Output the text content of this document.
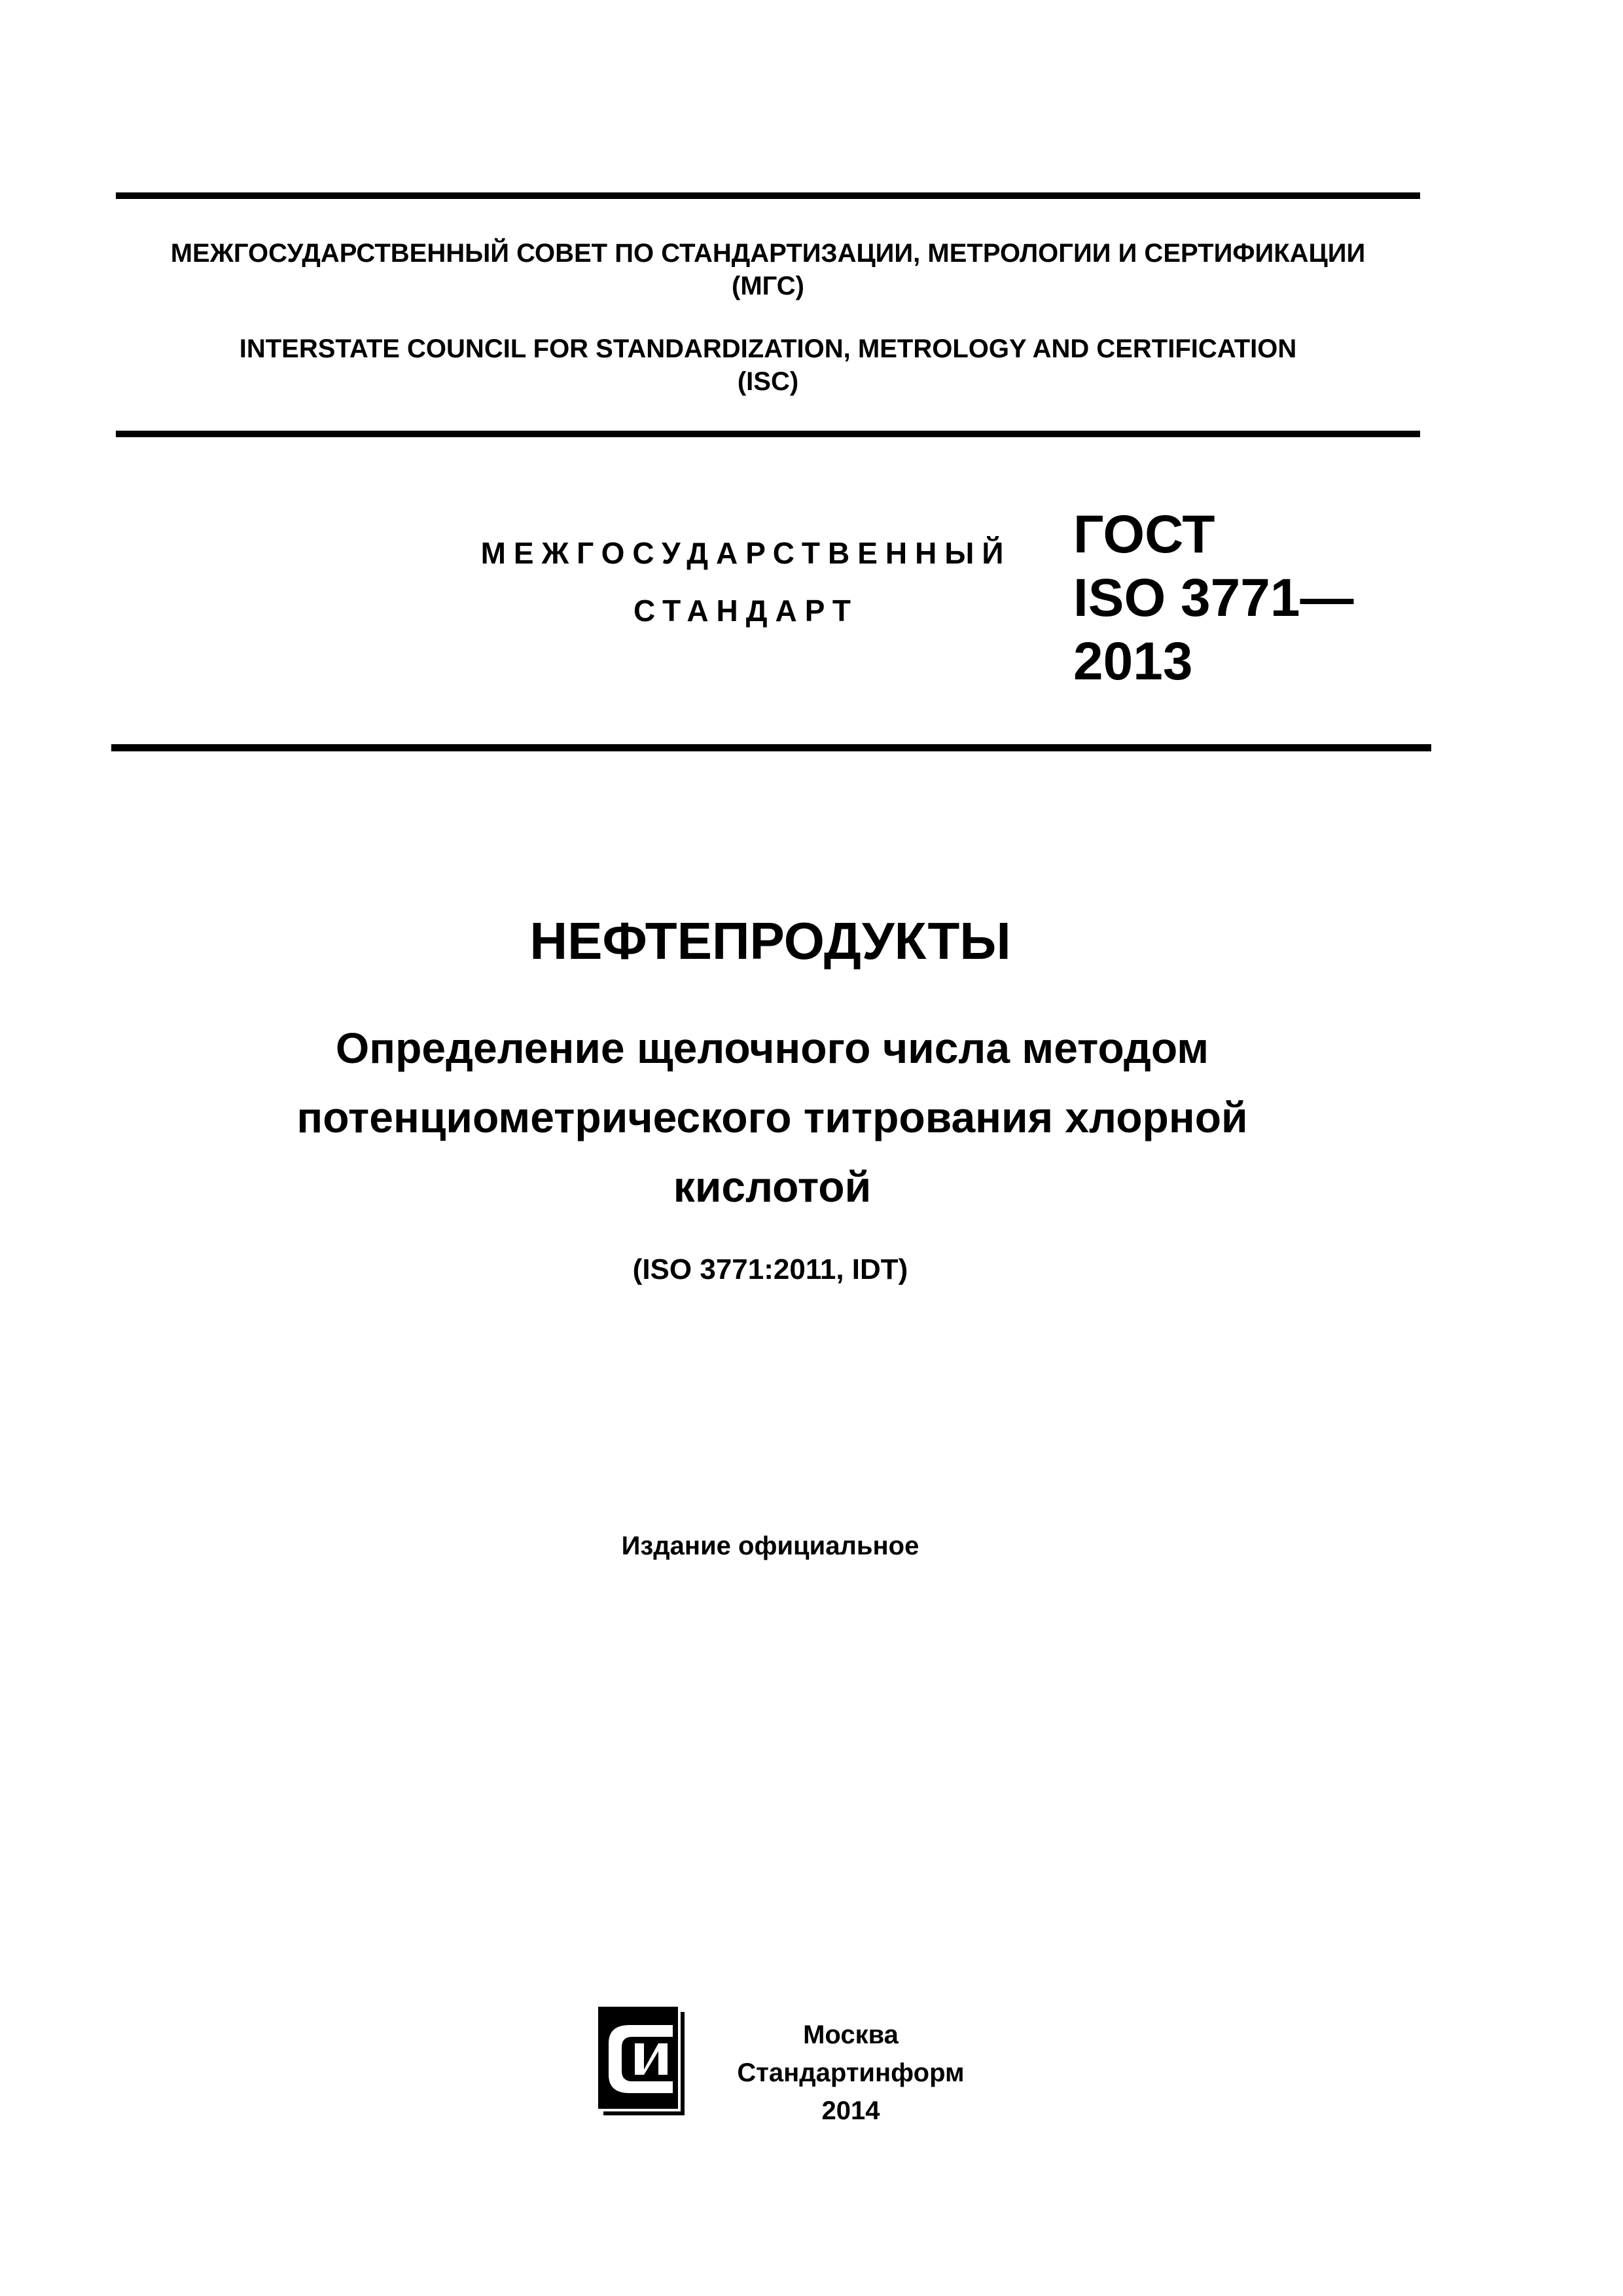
МЕЖГОСУДАРСТВЕННЫЙ СОВЕТ ПО СТАНДАРТИЗАЦИИ, МЕТРОЛОГИИ И СЕРТИФИКАЦИИ
(МГС)
INTERSTATE COUNCIL FOR STANDARDIZATION, METROLOGY AND CERTIFICATION
(ISC)
МЕЖГОСУДАРСТВЕННЫЙ
СТАНДАРТ
ГОСТ
ISO 3771—
2013
НЕФТЕПРОДУКТЫ
Определение щелочного числа методом
потенциометрического титрования хлорной
кислотой
(ISO 3771:2011, IDT)
Издание официальное
Москва
Стандартинформ
2014
